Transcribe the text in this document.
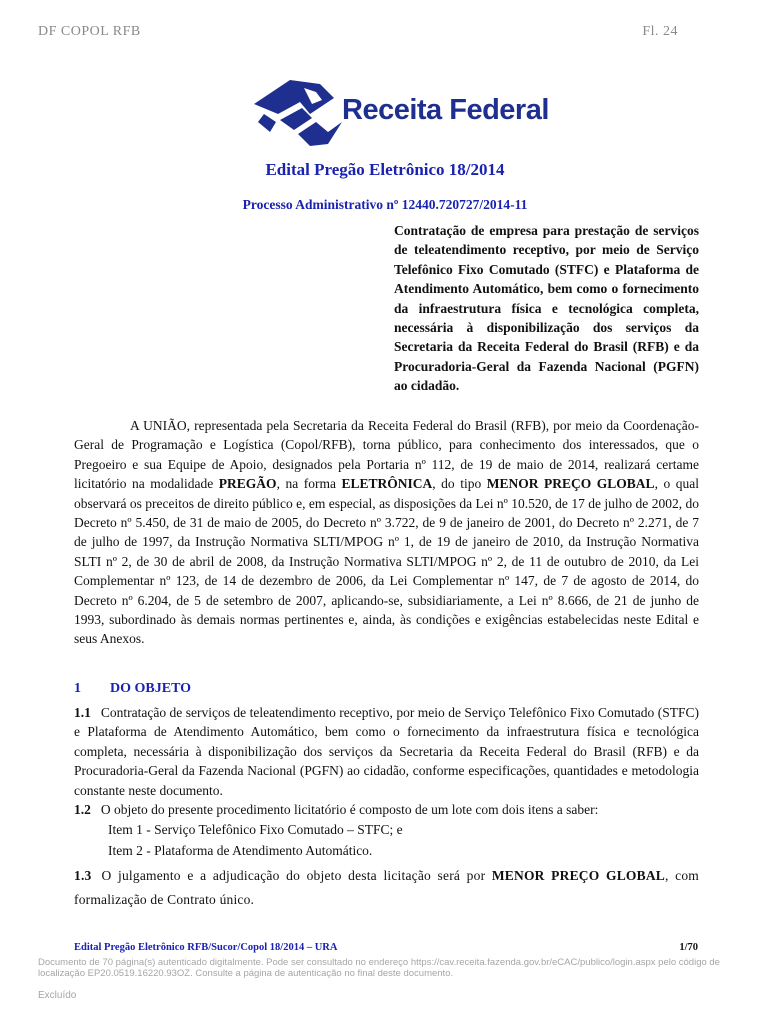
DF COPOL RFB	Fl. 24
Receita Federal
Edital Pregão Eletrônico 18/2014
Processo Administrativo nº 12440.720727/2014-11
Contratação de empresa para prestação de serviços de teleatendimento receptivo, por meio de Serviço Telefônico Fixo Comutado (STFC) e Plataforma de Atendimento Automático, bem como o fornecimento da infraestrutura física e tecnológica completa, necessária à disponibilização dos serviços da Secretaria da Receita Federal do Brasil (RFB) e da Procuradoria-Geral da Fazenda Nacional (PGFN) ao cidadão.
A UNIÃO, representada pela Secretaria da Receita Federal do Brasil (RFB), por meio da Coordenação-Geral de Programação e Logística (Copol/RFB), torna público, para conhecimento dos interessados, que o Pregoeiro e sua Equipe de Apoio, designados pela Portaria nº 112, de 19 de maio de 2014, realizará certame licitatório na modalidade PREGÃO, na forma ELETRÔNICA, do tipo MENOR PREÇO GLOBAL, o qual observará os preceitos de direito público e, em especial, as disposições da Lei nº 10.520, de 17 de julho de 2002, do Decreto nº 5.450, de 31 de maio de 2005, do Decreto nº 3.722, de 9 de janeiro de 2001, do Decreto nº 2.271, de 7 de julho de 1997, da Instrução Normativa SLTI/MPOG nº 1, de 19 de janeiro de 2010, da Instrução Normativa SLTI nº 2, de 30 de abril de 2008, da Instrução Normativa SLTI/MPOG nº 2, de 11 de outubro de 2010, da Lei Complementar nº 123, de 14 de dezembro de 2006, da Lei Complementar nº 147, de 7 de agosto de 2014, do Decreto nº 6.204, de 5 de setembro de 2007, aplicando-se, subsidiariamente, a Lei nº 8.666, de 21 de junho de 1993, subordinado às demais normas pertinentes e, ainda, às condições e exigências estabelecidas neste Edital e seus Anexos.
1 DO OBJETO
1.1 Contratação de serviços de teleatendimento receptivo, por meio de Serviço Telefônico Fixo Comutado (STFC) e Plataforma de Atendimento Automático, bem como o fornecimento da infraestrutura física e tecnológica completa, necessária à disponibilização dos serviços da Secretaria da Receita Federal do Brasil (RFB) e da Procuradoria-Geral da Fazenda Nacional (PGFN) ao cidadão, conforme especificações, quantidades e metodologia constante neste documento.
1.2 O objeto do presente procedimento licitatório é composto de um lote com dois itens a saber:
Item 1 - Serviço Telefônico Fixo Comutado – STFC; e
Item 2 - Plataforma de Atendimento Automático.
1.3 O julgamento e a adjudicação do objeto desta licitação será por MENOR PREÇO GLOBAL, com formalização de Contrato único.
Edital Pregão Eletrônico RFB/Sucor/Copol 18/2014 – URA	1/70
Documento de 70 página(s) autenticado digitalmente. Pode ser consultado no endereço https://cav.receita.fazenda.gov.br/eCAC/publico/login.aspx pelo código de localização EP20.0519.16220.93OZ. Consulte a página de autenticação no final deste documento.
Excluído
